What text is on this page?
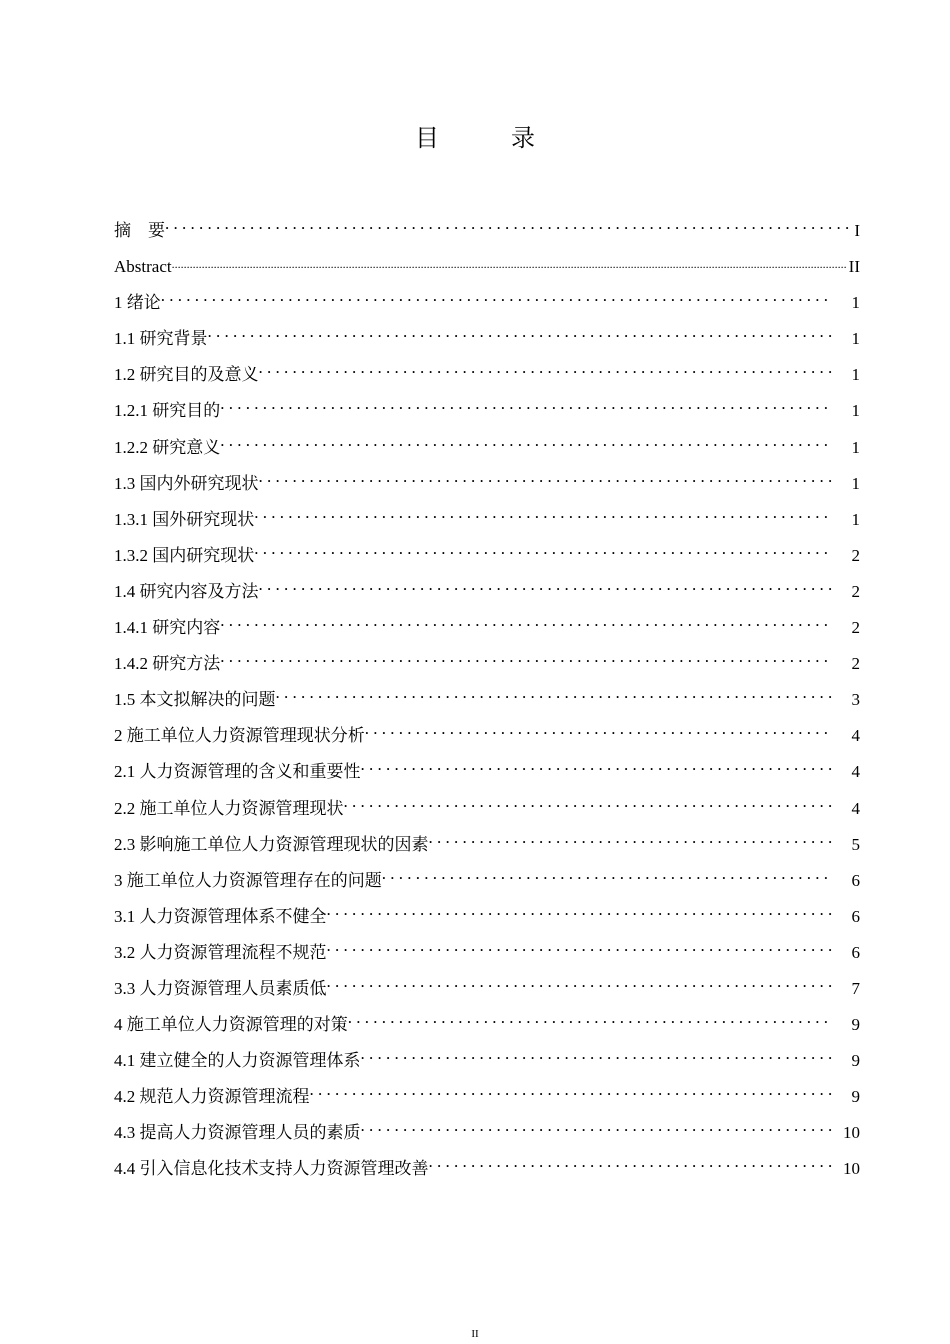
目　录
摘　要 . . .	I
Abstract .....	II
1 绪论 . . .	1
1.1 研究背景 . . .	1
1.2 研究目的及意义 . . .	1
1.2.1 研究目的 . . .	1
1.2.2 研究意义 . . .	1
1.3 国内外研究现状 . . .	1
1.3.1 国外研究现状 . . .	1
1.3.2 国内研究现状 . . .	2
1.4 研究内容及方法 . . .	2
1.4.1 研究内容 . . .	2
1.4.2 研究方法 . . .	2
1.5 本文拟解决的问题 . . .	3
2 施工单位人力资源管理现状分析 . . .	4
2.1 人力资源管理的含义和重要性 . . .	4
2.2 施工单位人力资源管理现状 . . .	4
2.3 影响施工单位人力资源管理现状的因素 . . .	5
3 施工单位人力资源管理存在的问题 . . .	6
3.1 人力资源管理体系不健全 . . .	6
3.2 人力资源管理流程不规范 . . .	6
3.3 人力资源管理人员素质低 . . .	7
4 施工单位人力资源管理的对策 . . .	9
4.1 建立健全的人力资源管理体系 . . .	9
4.2 规范人力资源管理流程 . . .	9
4.3 提高人力资源管理人员的素质 . . .	10
4.4 引入信息化技术支持人力资源管理改善 . . .	10
II
